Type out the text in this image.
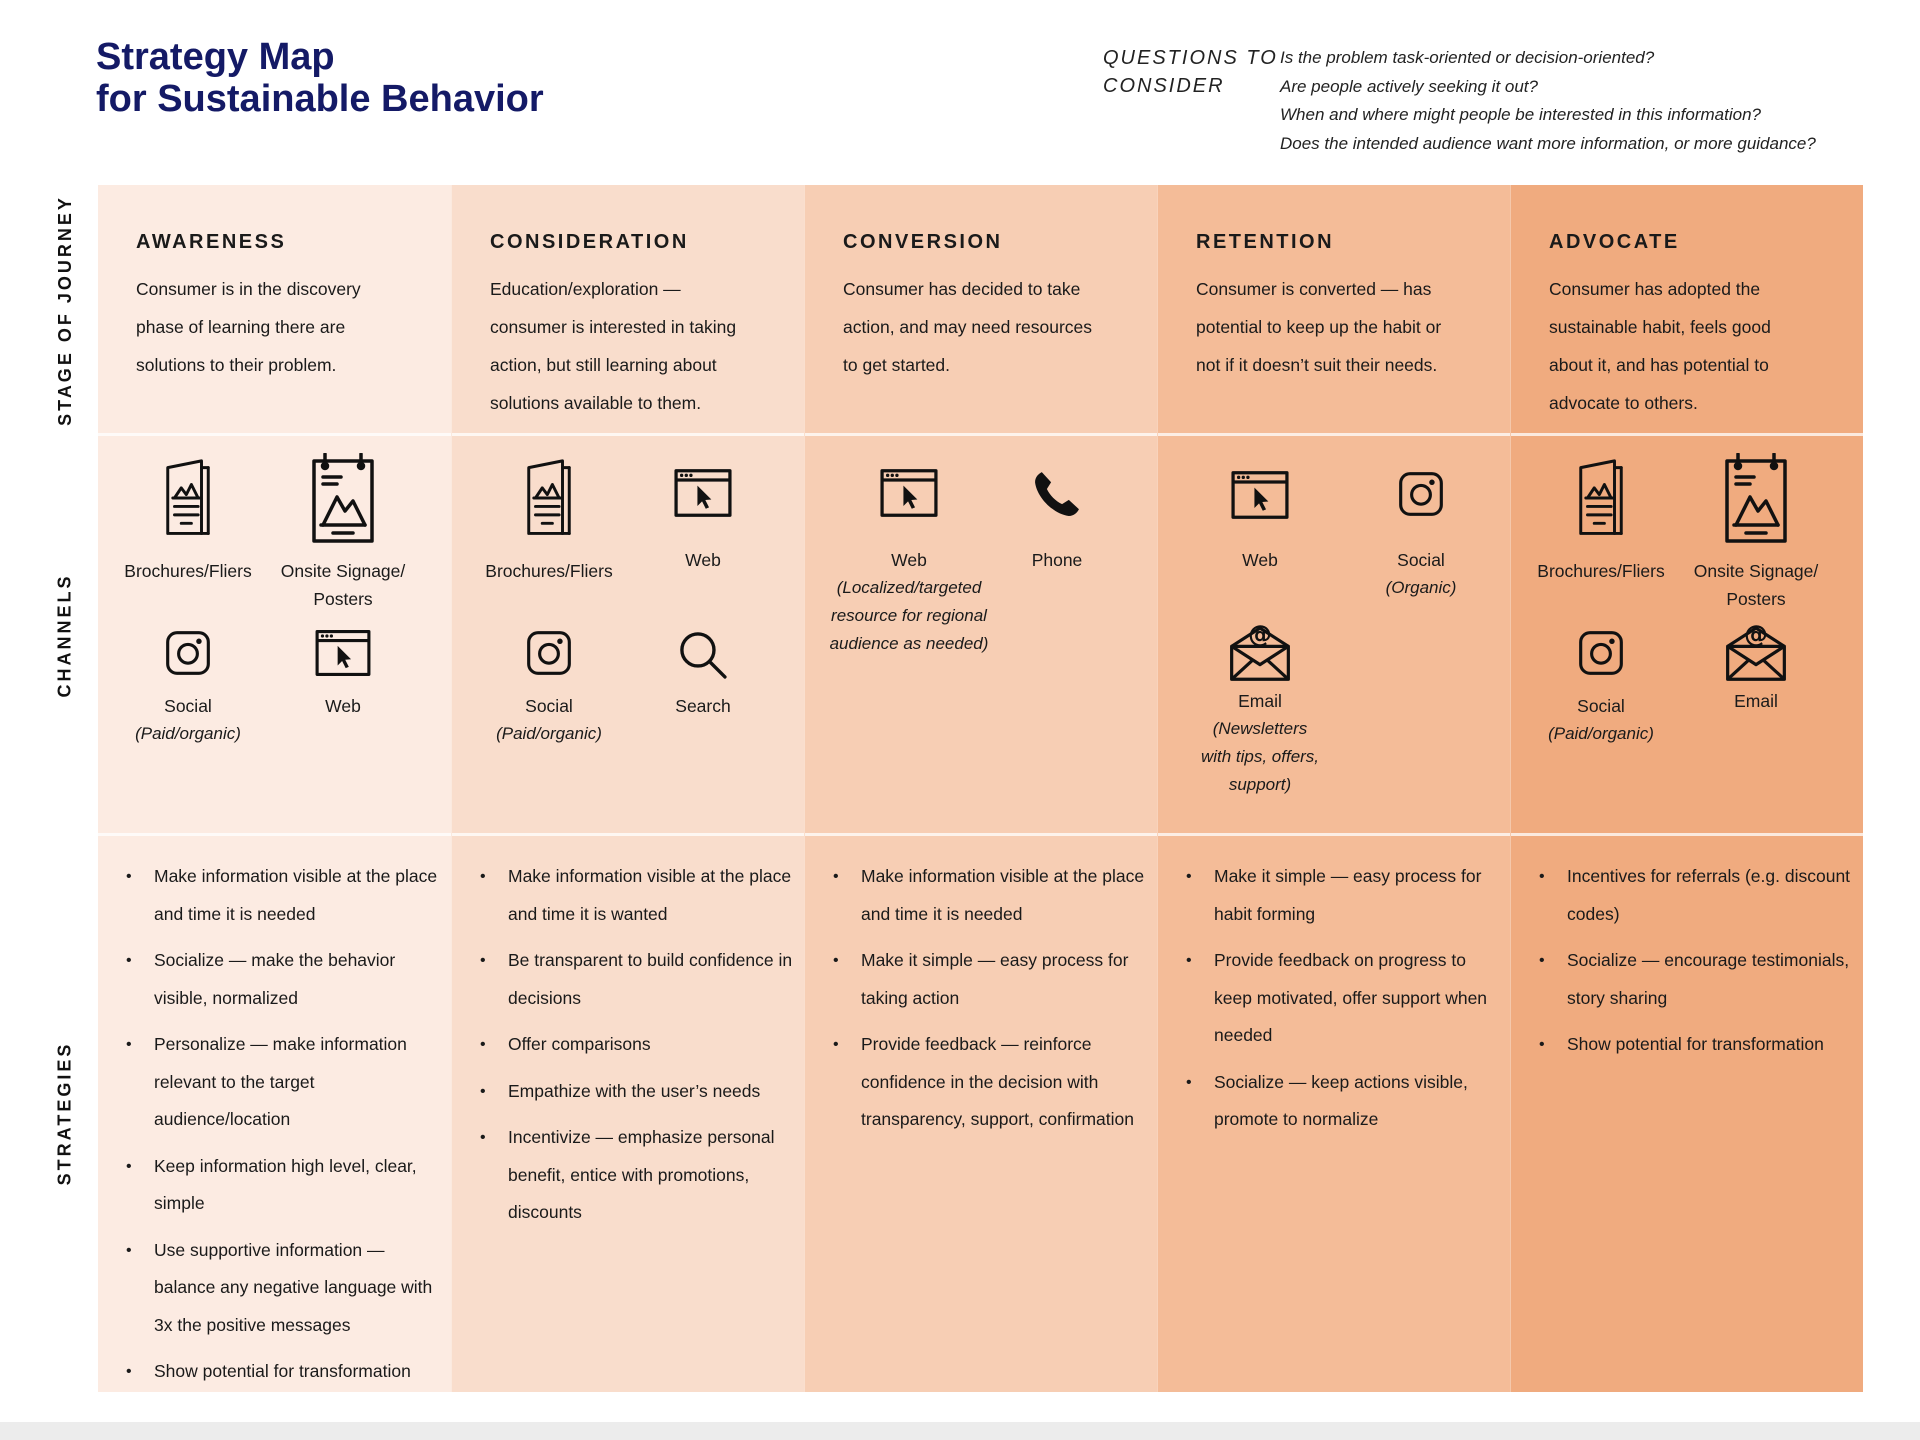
Strategy Map
for Sustainable Behavior
QUESTIONS TO
CONSIDER
Is the problem task-oriented or decision-oriented?
Are people actively seeking it out?
When and where might people be interested in this information?
Does the intended audience want more information, or more guidance?
STAGE OF JOURNEY
CHANNELS
STRATEGIES
AWARENESS
Consumer is in the discovery
phase of learning there are
solutions to their problem.
Brochures/Fliers	Onsite Signage/ Posters
Social
(Paid/organic)
Web
• Make information visible at the place and time it is needed
• Socialize — make the behavior visible, normalized
• Personalize — make information relevant to the target audience/location
• Keep information high level, clear, simple
• Use supportive information — balance any negative language with 3x the positive messages
• Show potential for transformation
CONSIDERATION
Education/exploration —
consumer is interested in taking
action, but still learning about
solutions available to them.
Brochures/Fliers
Web
Social
(Paid/organic)
Search
• Make information visible at the place and time it is wanted
• Be transparent to build confidence in decisions
• Offer comparisons
• Empathize with the user’s needs
• Incentivize — emphasize personal benefit, entice with promotions, discounts
CONVERSION
Consumer has decided to take
action, and may need resources
to get started.
Web
(Localized/targeted resource for regional audience as needed)
Phone
• Make information visible at the place and time it is needed
• Make it simple — easy process for taking action
• Provide feedback — reinforce confidence in the decision with transparency, support, confirmation
RETENTION
Consumer is converted — has
potential to keep up the habit or
not if it doesn’t suit their needs.
Web	Social
(Organic)
Email
(Newsletters with tips, offers, support)
• Make it simple — easy process for habit forming
• Provide feedback on progress to keep motivated, offer support when needed
• Socialize — keep actions visible, promote to normalize
ADVOCATE
Consumer has adopted the
sustainable habit, feels good
about it, and has potential to
advocate to others.
Brochures/Fliers	Onsite Signage/ Posters
Social
(Paid/organic)
Email
• Incentives for referrals (e.g. discount codes)
• Socialize — encourage testimonials, story sharing
• Show potential for transformation
